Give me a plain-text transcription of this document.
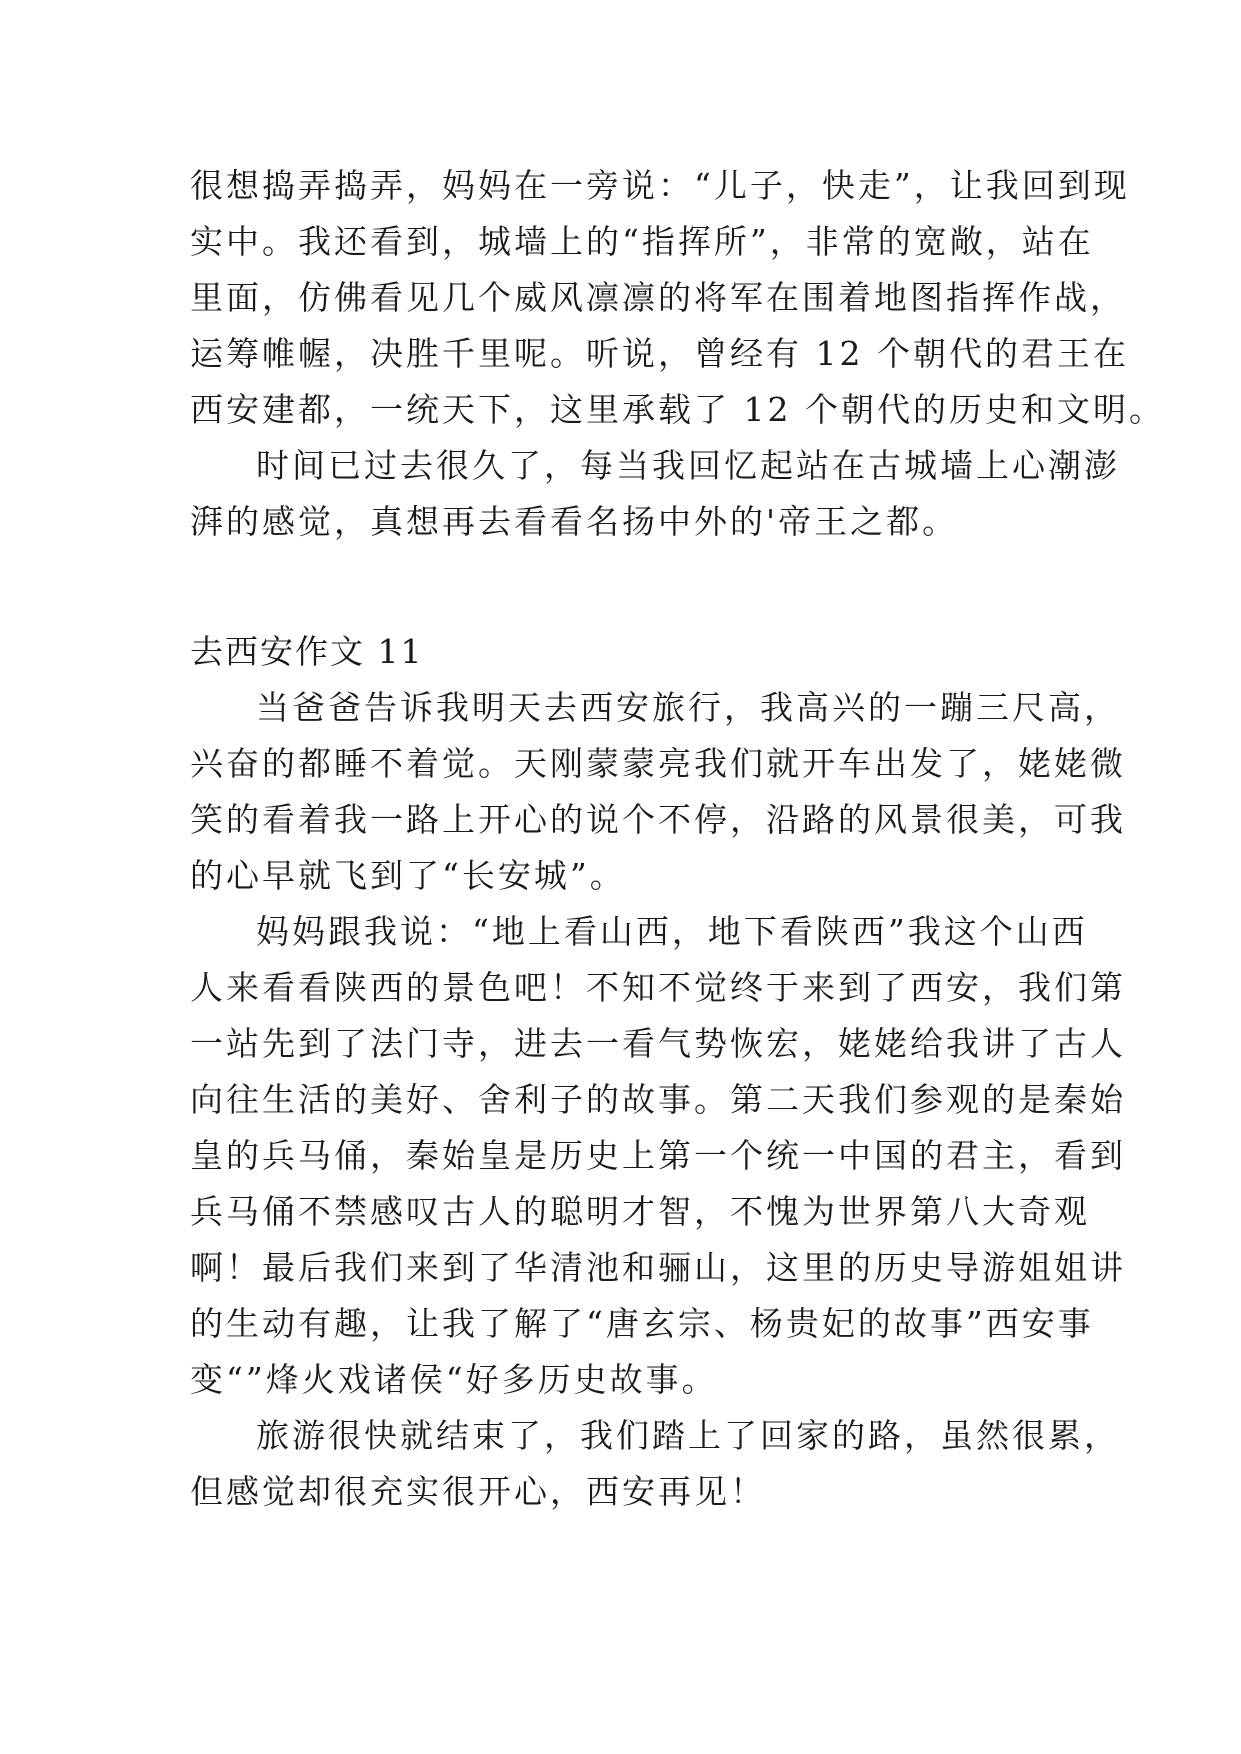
很想捣弄捣弄，妈妈在一旁说：“儿子，快走”，让我回到现
实中。我还看到，城墙上的“指挥所”，非常的宽敞，站在
里面，仿佛看见几个威风凛凛的将军在围着地图指挥作战，
运筹帷幄，决胜千里呢。听说，曾经有 12 个朝代的君王在
西安建都，一统天下，这里承载了 12 个朝代的历史和文明。
时间已过去很久了，每当我回忆起站在古城墙上心潮澎
湃的感觉，真想再去看看名扬中外的'帝王之都。
去西安作文 11
当爸爸告诉我明天去西安旅行，我高兴的一蹦三尺高，
兴奋的都睡不着觉。天刚蒙蒙亮我们就开车出发了，姥姥微
笑的看着我一路上开心的说个不停，沿路的风景很美，可我
的心早就飞到了“长安城”。
妈妈跟我说：“地上看山西，地下看陕西”我这个山西
人来看看陕西的景色吧！不知不觉终于来到了西安，我们第
一站先到了法门寺，进去一看气势恢宏，姥姥给我讲了古人
向往生活的美好、舍利子的故事。第二天我们参观的是秦始
皇的兵马俑，秦始皇是历史上第一个统一中国的君主，看到
兵马俑不禁感叹古人的聪明才智，不愧为世界第八大奇观
啊！最后我们来到了华清池和骊山，这里的历史导游姐姐讲
的生动有趣，让我了解了“唐玄宗、杨贵妃的故事”西安事
变“”烽火戏诸侯“好多历史故事。
旅游很快就结束了，我们踏上了回家的路，虽然很累，
但感觉却很充实很开心，西安再见！
